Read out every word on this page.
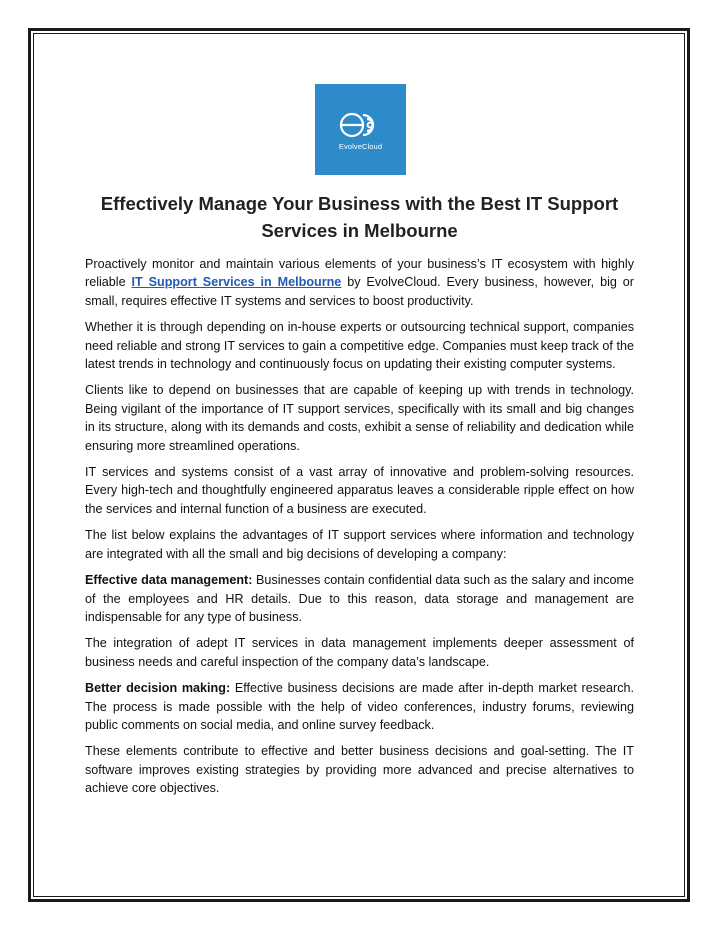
EvolveCloud
Effectively Manage Your Business with the Best IT Support Services in Melbourne

Proactively monitor and maintain various elements of your business’s IT ecosystem with highly reliable IT Support Services in Melbourne by EvolveCloud. Every business, however, big or small, requires effective IT systems and services to boost productivity.

Whether it is through depending on in-house experts or outsourcing technical support, companies need reliable and strong IT services to gain a competitive edge. Companies must keep track of the latest trends in technology and continuously focus on updating their existing computer systems.

Clients like to depend on businesses that are capable of keeping up with trends in technology. Being vigilant of the importance of IT support services, specifically with its small and big changes in its structure, along with its demands and costs, exhibit a sense of reliability and dedication while ensuring more streamlined operations.

IT services and systems consist of a vast array of innovative and problem-solving resources. Every high-tech and thoughtfully engineered apparatus leaves a considerable ripple effect on how the services and internal function of a business are executed.

The list below explains the advantages of IT support services where information and technology are integrated with all the small and big decisions of developing a company:

Effective data management: Businesses contain confidential data such as the salary and income of the employees and HR details. Due to this reason, data storage and management are indispensable for any type of business.

The integration of adept IT services in data management implements deeper assessment of business needs and careful inspection of the company data’s landscape.

Better decision making: Effective business decisions are made after in-depth market research. The process is made possible with the help of video conferences, industry forums, reviewing public comments on social media, and online survey feedback.

These elements contribute to effective and better business decisions and goal-setting. The IT software improves existing strategies by providing more advanced and precise alternatives to achieve core objectives.
